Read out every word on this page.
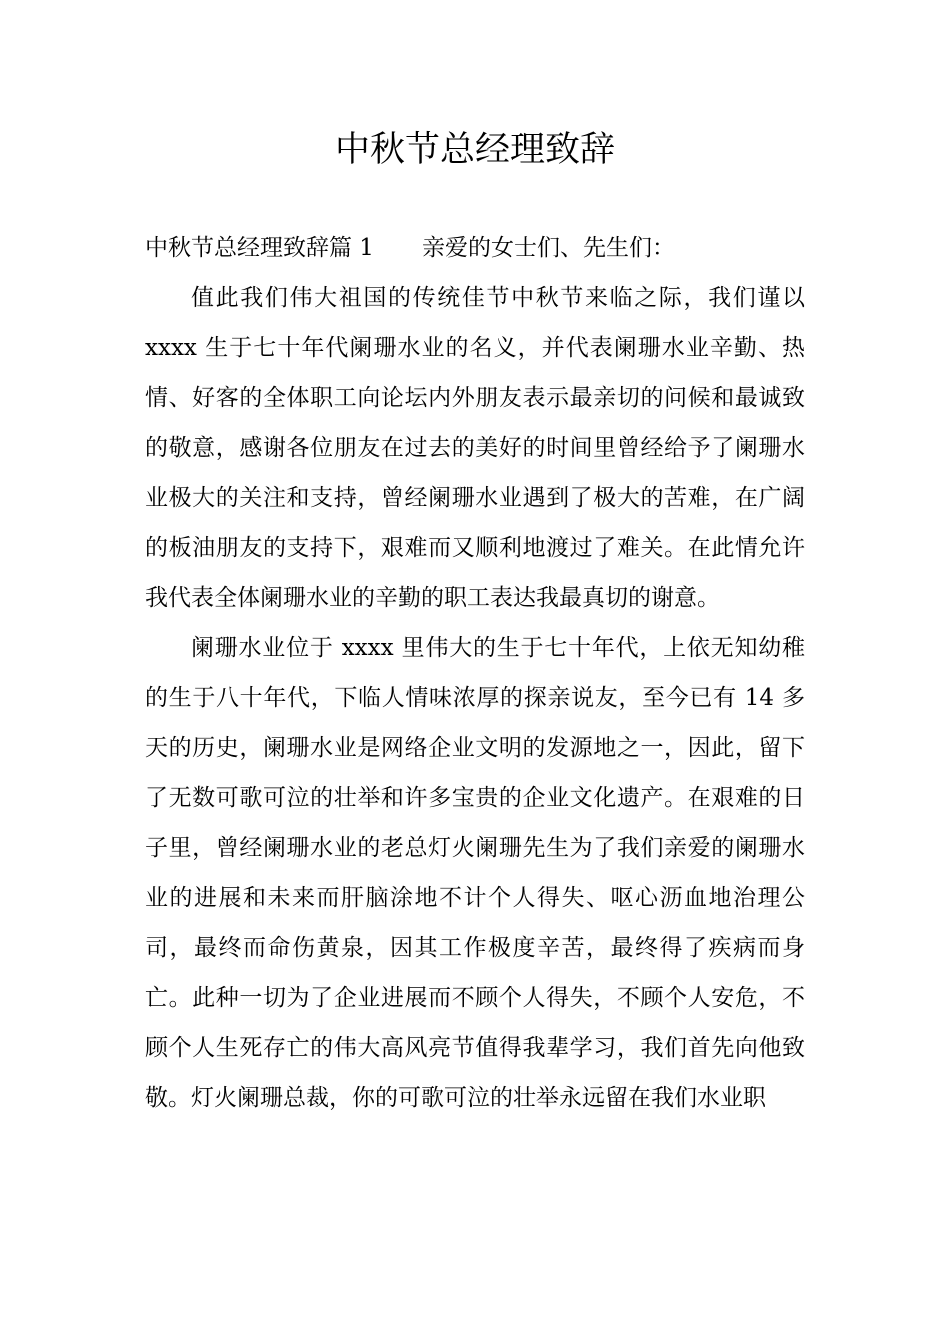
中秋节总经理致辞

中秋节总经理致辞篇 1 亲爱的女士们、先生们：

值此我们伟大祖国的传统佳节中秋节来临之际，我们谨以 xxxx 生于七十年代阑珊水业的名义，并代表阑珊水业辛勤、热情、好客的全体职工向论坛内外朋友表示最亲切的问候和最诚致的敬意，感谢各位朋友在过去的美好的时间里曾经给予了阑珊水业极大的关注和支持，曾经阑珊水业遇到了极大的苦难，在广阔的板油朋友的支持下，艰难而又顺利地渡过了难关。在此情允许我代表全体阑珊水业的辛勤的职工表达我最真切的谢意。

阑珊水业位于 xxxx 里伟大的生于七十年代，上依无知幼稚的生于八十年代，下临人情味浓厚的探亲说友，至今已有 14 多天的历史，阑珊水业是网络企业文明的发源地之一，因此，留下了无数可歌可泣的壮举和许多宝贵的企业文化遗产。在艰难的日子里，曾经阑珊水业的老总灯火阑珊先生为了我们亲爱的阑珊水业的进展和未来而肝脑涂地不计个人得失、呕心沥血地治理公司，最终而命伤黄泉，因其工作极度辛苦，最终得了疾病而身亡。此种一切为了企业进展而不顾个人得失，不顾个人安危，不顾个人生死存亡的伟大高风亮节值得我辈学习，我们首先向他致敬。灯火阑珊总裁，你的可歌可泣的壮举永远留在我们水业职
